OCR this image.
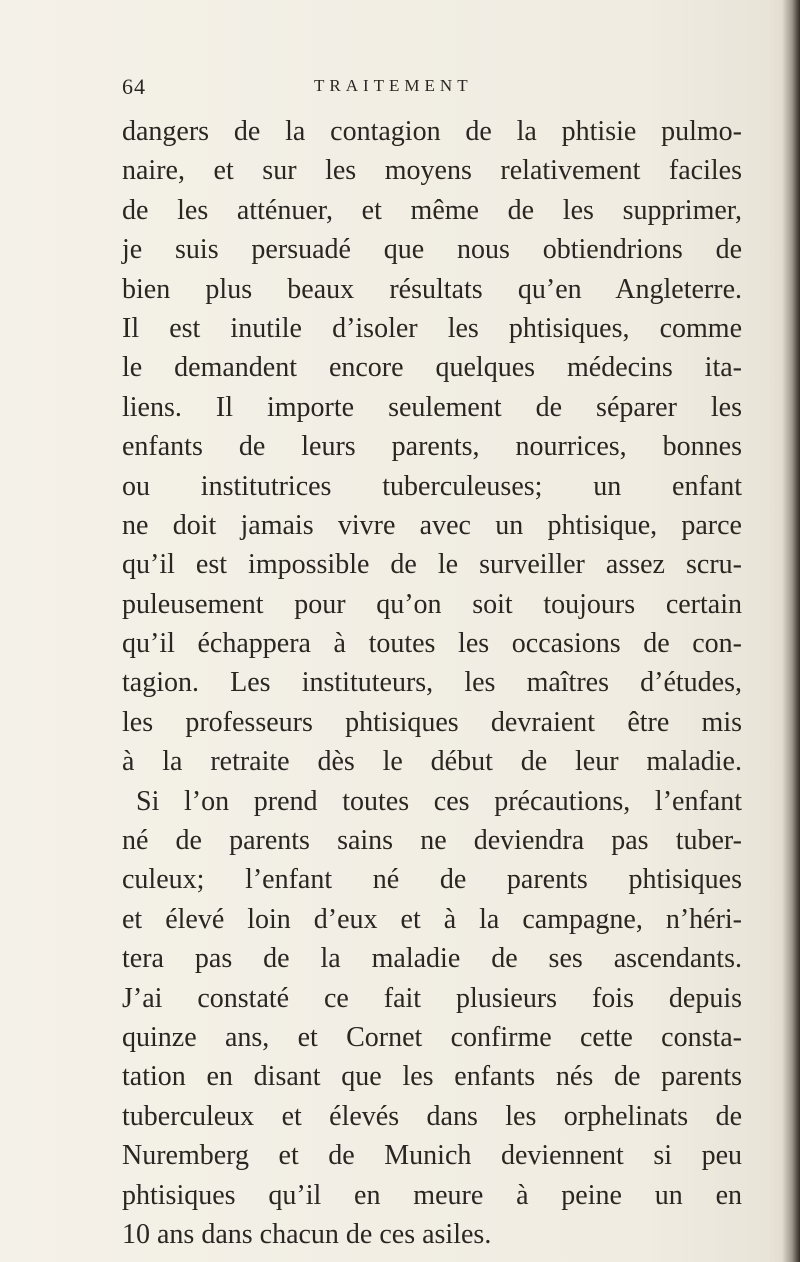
64	TRAITEMENT
dangers de la contagion de la phtisie pulmo-
naire, et sur les moyens relativement faciles
de les atténuer, et même de les supprimer,
je suis persuadé que nous obtiendrions de
bien plus beaux résultats qu’en Angleterre.
Il est inutile d’isoler les phtisiques, comme
le demandent encore quelques médecins ita-
liens. Il importe seulement de séparer les
enfants de leurs parents, nourrices, bonnes
ou institutrices tuberculeuses; un enfant
ne doit jamais vivre avec un phtisique, parce
qu’il est impossible de le surveiller assez scru-
puleusement pour qu’on soit toujours certain
qu’il échappera à toutes les occasions de con-
tagion. Les instituteurs, les maîtres d’études,
les professeurs phtisiques devraient être mis
à la retraite dès le début de leur maladie.
Si l’on prend toutes ces précautions, l’enfant
né de parents sains ne deviendra pas tuber-
culeux; l’enfant né de parents phtisiques
et élevé loin d’eux et à la campagne, n’héri-
tera pas de la maladie de ses ascendants.
J’ai constaté ce fait plusieurs fois depuis
quinze ans, et Cornet confirme cette consta-
tation en disant que les enfants nés de parents
tuberculeux et élevés dans les orphelinats de
Nuremberg et de Munich deviennent si peu
phtisiques qu’il en meure à peine un en
10 ans dans chacun de ces asiles.
